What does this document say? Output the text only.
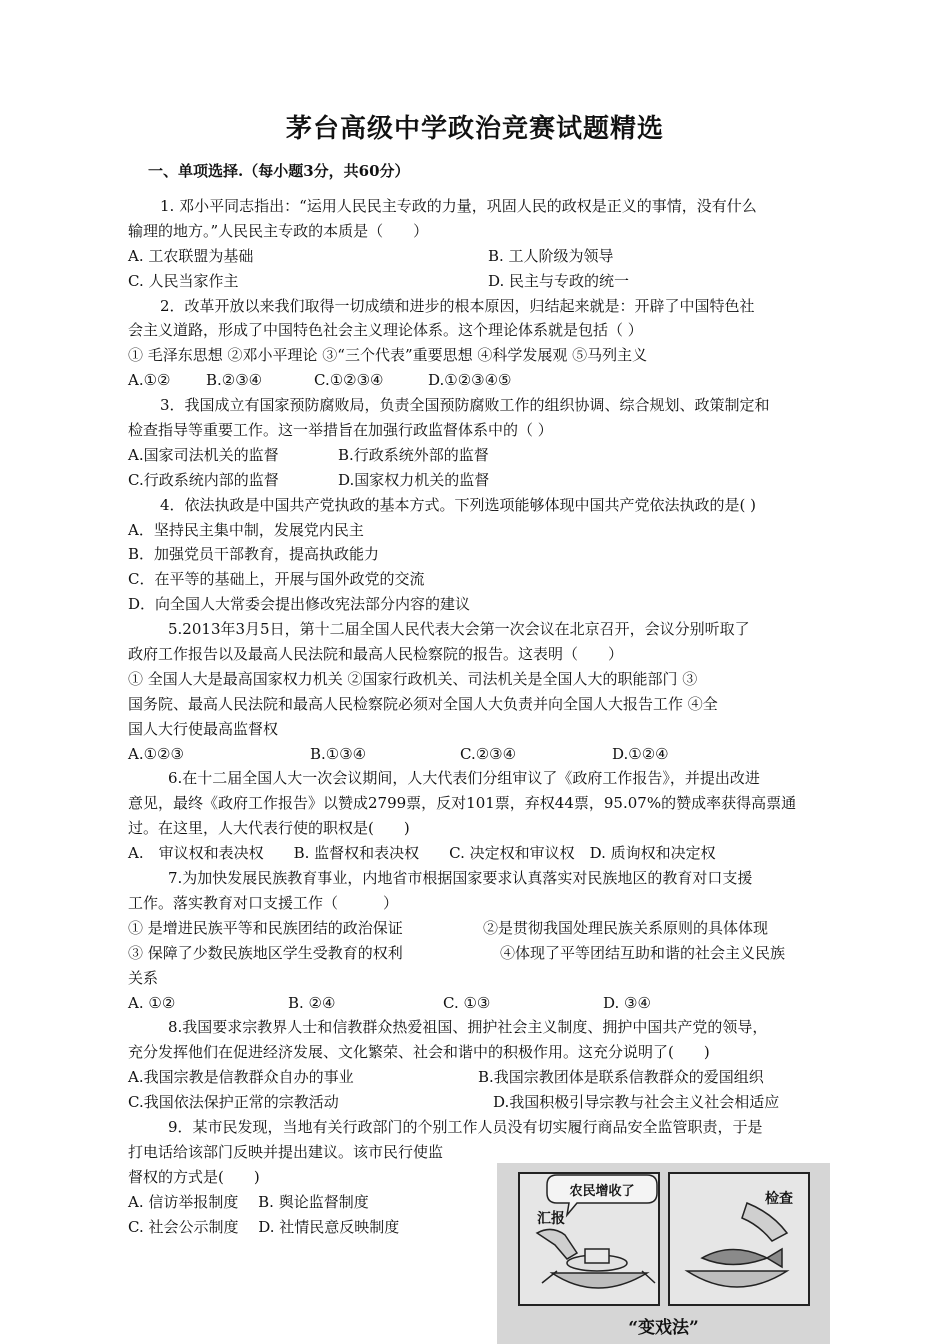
茅台高级中学政治竞赛试题精选

一、单项选择.（每小题3分，共60分）

1. 邓小平同志指出：“运用人民民主专政的力量，巩固人民的政权是正义的事情，没有什么
输理的地方。”人民民主专政的本质是（　　）
A. 工农联盟为基础	B. 工人阶级为领导
C. 人民当家作主	D. 民主与专政的统一
2．改革开放以来我们取得一切成绩和进步的根本原因，归结起来就是：开辟了中国特色社
会主义道路，形成了中国特色社会主义理论体系。这个理论体系就是包括（ ）
① 毛泽东思想 ②邓小平理论 ③“三个代表”重要思想 ④科学发展观 ⑤马列主义
A.①② B.②③④	C.①②③④	D.①②③④⑤
3．我国成立有国家预防腐败局，负责全国预防腐败工作的组织协调、综合规划、政策制定和
检查指导等重要工作。这一举措旨在加强行政监督体系中的（ ）
A.国家司法机关的监督	B.行政系统外部的监督
C.行政系统内部的监督	D.国家权力机关的监督
4．依法执政是中国共产党执政的基本方式。下列选项能够体现中国共产党依法执政的是( )
A．坚持民主集中制，发展党内民主
B．加强党员干部教育，提高执政能力
C．在平等的基础上，开展与国外政党的交流
D．向全国人大常委会提出修改宪法部分内容的建议
5.2013年3月5日，第十二届全国人民代表大会第一次会议在北京召开，会议分别听取了
政府工作报告以及最高人民法院和最高人民检察院的报告。这表明（　　）
① 全国人大是最高国家权力机关 ②国家行政机关、司法机关是全国人大的职能部门 ③
国务院、最高人民法院和最高人民检察院必须对全国人大负责并向全国人大报告工作 ④全
国人大行使最高监督权
A.①②③	B.①③④	C.②③④	D.①②④
6.在十二届全国人大一次会议期间，人大代表们分组审议了《政府工作报告》，并提出改进
意见，最终《政府工作报告》以赞成2799票，反对101票，弃权44票，95.07%的赞成率获得高票通
过。在这里，人大代表行使的职权是(　　)
A.　审议权和表决权　　B. 监督权和表决权　　C. 决定权和审议权　D. 质询权和决定权
7.为加快发展民族教育事业，内地省市根据国家要求认真落实对民族地区的教育对口支援
工作。落实教育对口支援工作（　　　）
① 是增进民族平等和民族团结的政治保证	②是贯彻我国处理民族关系原则的具体体现
③ 保障了少数民族地区学生受教育的权利	④体现了平等团结互助和谐的社会主义民族
关系
A. ①②	B. ②④	C. ①③	D. ③④
8.我国要求宗教界人士和信教群众热爱祖国、拥护社会主义制度、拥护中国共产党的领导，
充分发挥他们在促进经济发展、文化繁荣、社会和谐中的积极作用。这充分说明了(　　)
A.我国宗教是信教群众自办的事业	B.我国宗教团体是联系信教群众的爱国组织
C.我国依法保护正常的宗教活动	D.我国积极引导宗教与社会主义社会相适应
9．某市民发现，当地有关行政部门的个别工作人员没有切实履行商品安全监管职责，于是
打电话给该部门反映并提出建议。该市民行使监
督权的方式是(　　)
A. 信访举报制度　 B. 舆论监督制度
C. 社会公示制度　 D. 社情民意反映制度
农民增收了
汇报
检查
“变戏法”
